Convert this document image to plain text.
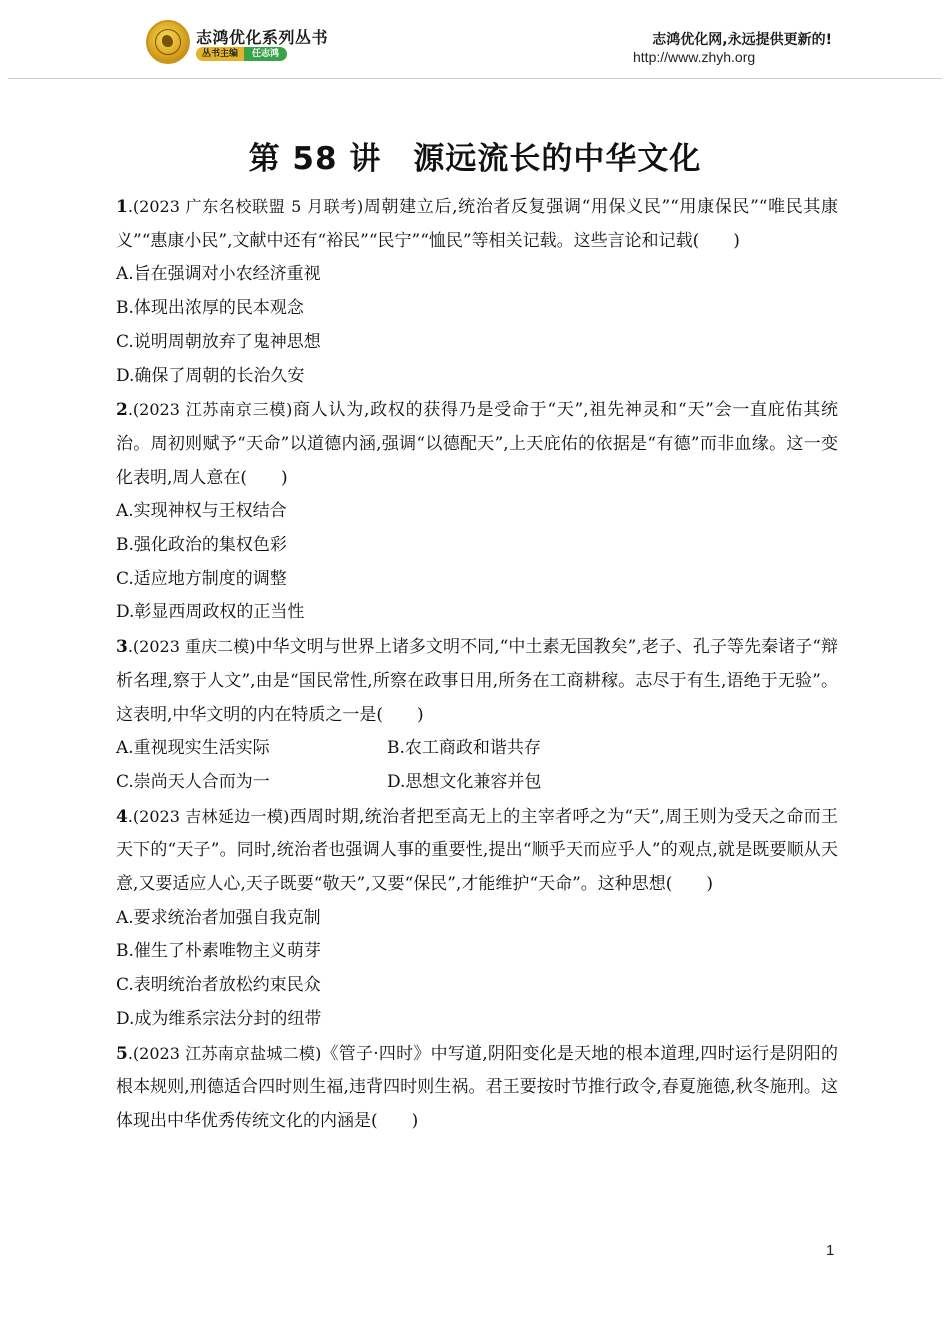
志鸿优化系列丛书
丛书主编	任志鸿
志鸿优化网,永远提供更新的!
http://www.zhyh.org
第 58 讲　源远流长的中华文化

1.(2023 广东名校联盟 5 月联考)周朝建立后,统治者反复强调“用保义民”“用康保民”“唯民其康义”“惠康小民”,文献中还有“裕民”“民宁”“恤民”等相关记载。这些言论和记载(　　)

A.旨在强调对小农经济重视

B.体现出浓厚的民本观念

C.说明周朝放弃了鬼神思想

D.确保了周朝的长治久安

2.(2023 江苏南京三模)商人认为,政权的获得乃是受命于“天”,祖先神灵和“天”会一直庇佑其统治。周初则赋予“天命”以道德内涵,强调“以德配天”,上天庇佑的依据是“有德”而非血缘。这一变化表明,周人意在(　　)

A.实现神权与王权结合

B.强化政治的集权色彩

C.适应地方制度的调整

D.彰显西周政权的正当性

3.(2023 重庆二模)中华文明与世界上诸多文明不同,“中土素无国教矣”,老子、孔子等先秦诸子“辩析名理,察于人文”,由是“国民常性,所察在政事日用,所务在工商耕稼。志尽于有生,语绝于无验”。这表明,中华文明的内在特质之一是(　　)

A.重视现实生活实际	B.农工商政和谐共存

C.崇尚天人合而为一	D.思想文化兼容并包

4.(2023 吉林延边一模)西周时期,统治者把至高无上的主宰者呼之为“天”,周王则为受天之命而王天下的“天子”。同时,统治者也强调人事的重要性,提出“顺乎天而应乎人”的观点,就是既要顺从天意,又要适应人心,天子既要“敬天”,又要“保民”,才能维护“天命”。这种思想(　　)

A.要求统治者加强自我克制

B.催生了朴素唯物主义萌芽

C.表明统治者放松约束民众

D.成为维系宗法分封的纽带

5.(2023 江苏南京盐城二模)《管子·四时》中写道,阴阳变化是天地的根本道理,四时运行是阴阳的根本规则,刑德适合四时则生福,违背四时则生祸。君王要按时节推行政令,春夏施德,秋冬施刑。这体现出中华优秀传统文化的内涵是(　　)

1
